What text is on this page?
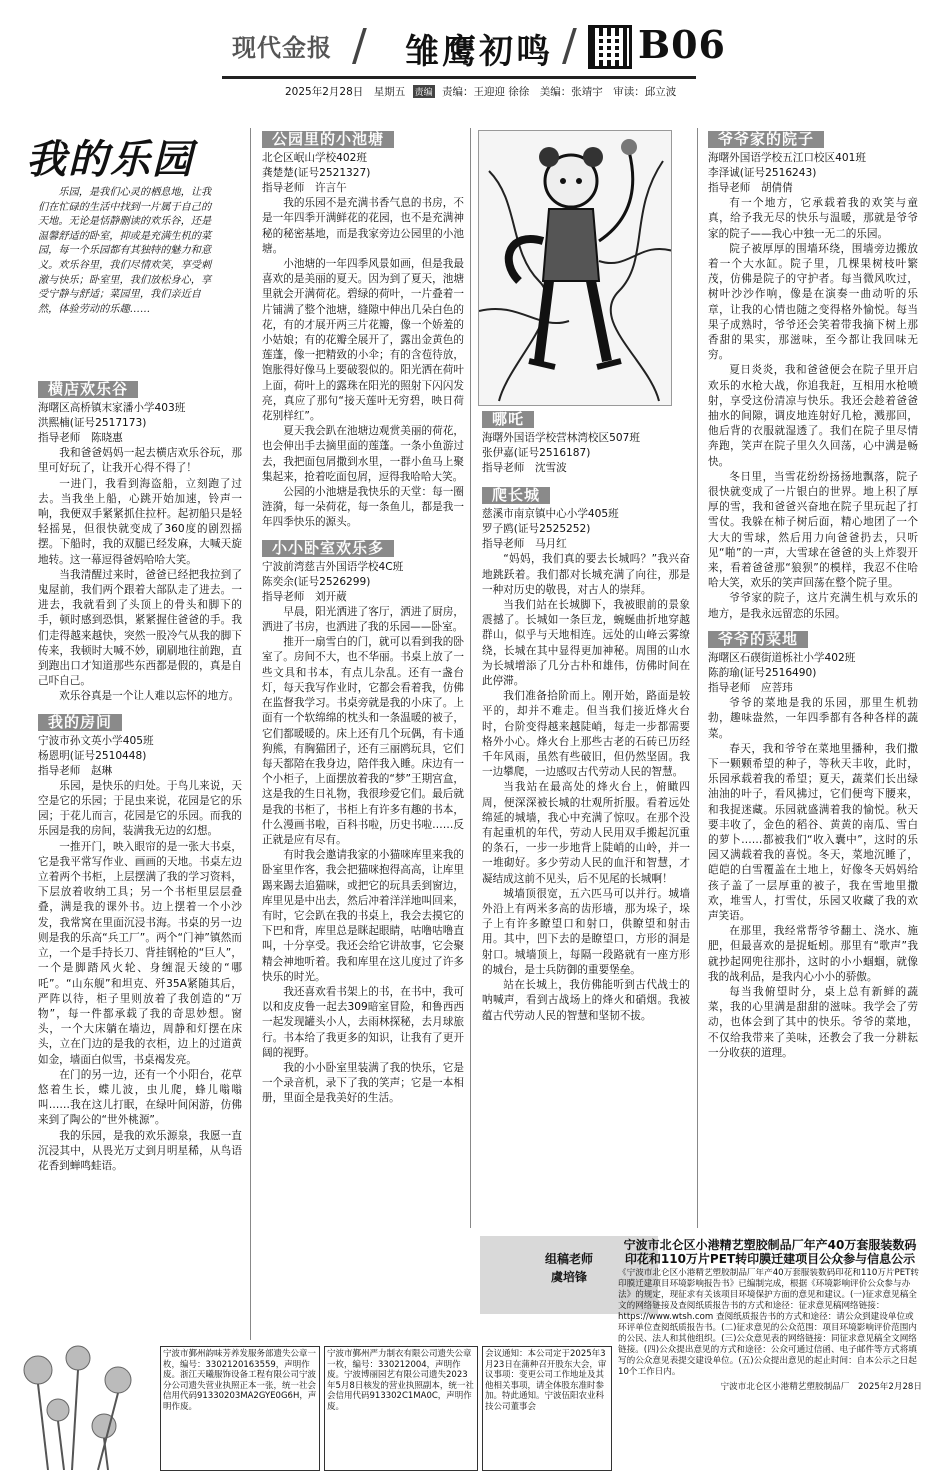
现代金报 / 雏鹰初鸣 / B06
2025年2月28日　星期五 责编 责编：王迎迎 徐徐　美编：张靖宇　审读：邱立波
我的乐园

乐园，是我们心灵的栖息地，让我们在忙碌的生活中找到一片属于自己的天地。无论是恬静删读的欢乐谷，还是温馨舒适的卧室，抑或是充满生机的菜园，每一个乐园都有其独特的魅力和意义。欢乐谷里，我们尽情欢笑，享受刺激与快乐；卧室里，我们放松身心，享受宁静与舒适；菜园里，我们亲近自然，体验劳动的乐趣……

横店欢乐谷
海曙区高桥镇末家潘小学403班
洪熙楠(证号2517173)
指导老师　陈晓惠

我和爸爸妈妈一起去横店欢乐谷玩，那里可好玩了，让我开心得不得了！

一进门，我看到海盗船，立刻跑了过去。当我坐上船，心跳开始加速，铃声一响，我便双手紧紧抓住拉杆。起初船只是轻轻摇晃，但很快就变成了360度的剧烈摇摆。下船时，我的双腿已经发麻，大喊天旋地转。这一幕逗得爸妈哈哈大笑。

当我清醒过来时，爸爸已经把我拉到了鬼屋前，我们两个跟着大部队走了进去。一进去，我就看到了头顶上的骨头和脚下的手，顿时感到恐惧，紧紧握住爸爸的手。我们走得越来越快，突然一股冷气从我的脚下传来，我顿时大喊不妙，刷刷地往前跑，直到跑出口才知道那些东西都是假的，真是自己吓自己。

欢乐谷真是一个让人难以忘怀的地方。

我的房间
宁波市孙文英小学405班
杨恩明(证号2510448)
指导老师　赵琳

乐园，是快乐的归处。于鸟儿来说，天空是它的乐园；于昆虫来说，花园是它的乐园；于花儿而言，花园是它的乐园。而我的乐园是我的房间，装满我无边的幻想。

一推开门，映入眼帘的是一张大书桌，它是我平常写作业、画画的天地。书桌左边立着两个书柜，上层摆满了我的学习资料，下层放着收纳工具；另一个书柜里层层叠叠，满是我的课外书。边上摆着一个小沙发，我常窝在里面沉浸书海。书桌的另一边则是我的乐高“兵工厂”。两个“门神”镇然而立，一个是手持长刀、背挂钢枪的“巨人”，一个是脚踏风火轮、身缠混天绫的“哪吒”。“山东舰”和坦克、歼35A紧随其后，严阵以待，柜子里则放着了我创造的“万物”，每一件都承载了我的奇思妙想。窗头，一个大床躺在墙边，周静和灯摆在床头，立在门边的是我的衣柜，边上的过道黄如金，墙面白似雪，书桌褐发亮。

在门的另一边，还有一个小阳台，花草悠着生长，蝶儿波，虫儿爬，蜂儿嗡嗡叫……我在这儿打眠，在绿叶间闲游，仿佛来到了陶公的“世外桃源”。

我的乐园，是我的欢乐源泉，我愿一直沉浸其中，从畏光万丈到月明星稀，从鸟语花香到蝉鸣蛙语。

公园里的小池塘
北仑区岷山学校402班
龚楚楚(证号2521327)
指导老师　许言午

我的乐园不是充满书香气息的书房，不是一年四季开满鲜花的花园，也不是充满神秘的秘密基地，而是我家旁边公园里的小池塘。

小池塘的一年四季风景如画，但是我最喜欢的是美丽的夏天。因为到了夏天，池塘里就会开满荷花。碧绿的荷叶，一片叠着一片铺满了整个池塘，缝隙中伸出几朵白色的花，有的才展开两三片花瓣，像一个娇羞的小姑娘；有的花瓣全展开了，露出金黄色的莲蓬，像一把精致的小伞；有的含苞待放，饱胀得好像马上要破裂似的。阳光洒在荷叶上面，荷叶上的露珠在阳光的照射下闪闪发亮，真应了那句“接天莲叶无穷碧，映日荷花别样红”。

夏天我会趴在池塘边观赏美丽的荷花，也会伸出手去摘里面的莲蓬。一条小鱼游过去，我把面包屑撒到水里，一群小鱼马上聚集起来，抢着吃面包屑，逗得我哈哈大笑。

公园的小池塘是我快乐的天堂：每一圈涟漪，每一朵荷花，每一条鱼儿，都是我一年四季快乐的源头。

小小卧室欢乐多
宁波前湾慈吉外国语学校4C班
陈奕余(证号2526299)
指导老师　刘开葳

早晨，阳光洒进了客厅，洒进了厨房，洒进了书房，也洒进了我的乐园——卧室。

推开一扇雪白的门，就可以看到我的卧室了。房间不大，也不华丽。书桌上放了一些文具和书本，有点儿杂乱。还有一盏台灯，每天我写作业时，它都会看着我，仿佛在监督我学习。书桌旁就是我的小床了。上面有一个软绵绵的枕头和一条温暖的被子，它们都暖暖的。床上还有几个玩偶，有卡通狗熊，有胸猫团子，还有三丽鸥玩具，它们每天都陪在我身边，陪伴我入睡。床边有一个小柜子，上面摆放着我的“梦”王期宫盒，这是我的生日礼物，我很珍爱它们。最后就是我的书柜了，书柜上有许多有趣的书本，什么漫画书啦，百科书啦，历史书啦……反正就是应有尽有。

有时我会邀请我家的小猫咪库里来我的卧室里作客，我会把猫咪抱得高高，让库里踢来踢去追猫咪，或把它的玩具丢到窗边，库里见是中出去，然后冲着洋洋地叫回来，有时，它会趴在我的书桌上，我会去摸它的下巴和背，库里总是眯起眼睛，咕噜咕噜直叫，十分享受。我还会给它讲故事，它会聚精会神地听着。我和库里在这儿度过了许多快乐的时光。

我还喜欢看书架上的书，在书中，我可以和皮皮鲁一起去309暗室冒险，和鲁西西一起发现罐头小人，去雨林探秘，去月球旅行。书本给了我更多的知识，让我有了更开阔的视野。

我的小小卧室里装满了我的快乐，它是一个录音机，录下了我的笑声；它是一本相册，里面全是我美好的生活。

哪吒
海曙外国语学校营林湾校区507班
张伊嘉(证号2516187)
指导老师　沈雪波
爬长城
慈溪市南京镇中心小学405班
罗子鸥(证号2525252)
指导老师　马月红

“妈妈，我们真的要去长城吗？”我兴奋地跳跃着。我们都对长城充满了向往，那是一种对历史的敬畏，对古人的崇拜。

当我们站在长城脚下，我被眼前的景象震撼了。长城如一条巨龙，蜿蜒曲折地穿越群山，似乎与天地相连。远处的山峰云雾缭绕，长城在其中显得更加神秘。周围的山水为长城增添了几分古朴和雄伟，仿佛时间在此停滞。

我们准备拾阶而上。刚开始，路面是较平的，却并不难走。但当我们接近烽火台时，台阶变得越来越陡峭，每走一步都需要格外小心。烽火台上那些古老的石砖已历经千年风雨，虽然有些破旧，但仍然坚固。我一边攀爬，一边感叹古代劳动人民的智慧。

当我站在最高处的烽火台上，俯瞰四周，便深深被长城的壮观所折服。看着远处绵延的城墙，我心中充满了惊叹。在那个没有起重机的年代，劳动人民用双手搬起沉重的条石，一步一步地背上陡峭的山岭，并一一堆砌好。多少劳动人民的血汗和智慧，才凝结成这前不见头，后不见尾的长城啊！

城墙顶很宽，五六匹马可以并行。城墙外沿上有两米多高的齿形墙，那为垛子，垛子上有许多瞭望口和射口，供瞭望和射击用。其中，凹下去的是瞭望口，方形的洞是射口。城墙顶上，每隔一段路就有一座方形的城台，是士兵防御的重要堡垒。

站在长城上，我仿佛能听到古代战士的呐喊声，看到古战场上的烽火和硝烟。我被蕴古代劳动人民的智慧和坚韧不拔。

爷爷家的院子
海曙外国语学校五江口校区401班
李泽诚(证号2516243)
指导老师　胡倩倩

有一个地方，它承载着我的欢笑与童真，给予我无尽的快乐与温暖，那就是爷爷家的院子——我心中独一无二的乐园。

院子被厚厚的围墙环绕，围墙旁边搬放着一个大水缸。院子里，几棵果树枝叶繁茂，仿佛是院子的守护者。每当微风吹过，树叶沙沙作响，像是在演奏一曲动听的乐章，让我的心情也随之变得格外愉悦。每当果子成熟时，爷爷还会笑着带我摘下树上那香甜的果实，那滋味，至今都让我回味无穷。

夏日炎炎，我和爸爸便会在院子里开启欢乐的水枪大战，你追我赶，互相用水枪喷射，享受这份清凉与快乐。我还会趁着爸爸抽水的间隙，调皮地连射好几枪，溅那回，他后背的衣服就湿透了。我们在院子里尽情奔跑，笑声在院子里久久回荡，心中满是畅快。

冬日里，当雪花纷纷扬扬地飘落，院子很快就变成了一片银白的世界。地上积了厚厚的雪，我和爸爸兴奋地在院子里玩起了打雪仗。我躲在柿子树后面，精心地团了一个大大的雪球，然后用力向爸爸扔去，只听见“啪”的一声，大雪球在爸爸的头上炸裂开来，看着爸爸那“狼狈”的模样，我忍不住哈哈大笑，欢乐的笑声回荡在整个院子里。

爷爷家的院子，这片充满生机与欢乐的地方，是我永远留恋的乐园。

爷爷的菜地
海曙区石碶街道栎社小学402班
陈韵瑜(证号2516490)
指导老师　应菩玮

爷爷的菜地是我的乐园，那里生机勃勃，趣味盎然，一年四季都有各种各样的蔬菜。

春天，我和爷爷在菜地里播种，我们撒下一颗颗希望的种子，等秋天丰收，此时，乐园承载着我的希望；夏天，蔬菜们长出绿油油的叶子，看风拂过，它们便弯下腰来，和我捉迷藏。乐园就盛满着我的愉悦。秋天要丰收了，金色的稻谷、黄黄的南瓜、雪白的萝卜……都被我们“收入囊中”，这时的乐园又满载着我的喜悦。冬天，菜地沉睡了，皑皑的白雪覆盖在土地上，好像冬天妈妈给孩子盖了一层厚重的被子，我在雪地里撒欢，堆雪人，打雪仗，乐园又收藏了我的欢声笑语。

在那里，我经常帮爷爷翻土、浇水、施肥，但最喜欢的是捉蚯蚓。那里有“歌声”我就抄起网兜往那扑，这时的小小蝈蝈，就像我的战利品，是我内心小小的骄傲。

每当我俯望时分，桌上总有新鲜的蔬菜，我的心里满是甜甜的滋味。我学会了劳动，也体会到了其中的快乐。爷爷的菜地，不仅给我带来了美味，还教会了我一分耕耘一分收获的道理。

组稿老师
虞培锋
宁波市北仑区小港精艺塑胶制品厂年产40万套服装数码印花和110万片PET转印膜迁建项目公众参与信息公示
《宁波市北仑区小港精艺塑胶制品厂年产40万套服装数码印花和110万片PET转印膜迁建项目环境影响报告书》已编制完成，根据《环境影响评价公众参与办法》的规定，现征求有关该项目环境保护方面的意见和建议。(一)征求意见稿全文的网络链接及查阅纸质报告书的方式和途径：征求意见稿网络链接：https://www.wtsh.com 查阅纸质报告书的方式和途径：请公众到建设单位或环评单位查阅纸质报告书。(二)征求意见的公众范围：项目环境影响评价范围内的公民、法人和其他组织。(三)公众意见表的网络链接：同征求意见稿全文网络链接。(四)公众提出意见的方式和途径：公众可通过信函、电子邮件等方式将填写的公众意见表提交建设单位。(五)公众提出意见的起止时间：自本公示之日起10个工作日内。
宁波市北仑区小港精艺塑胶制品厂　2025年2月28日
宁波市鄞州韵味芳养发服务部遗失公章一枚，编号：3302120163559，声明作废。浙江天曦服饰设备工程有限公司宁波分公司遗失营业执照正本一张，统一社会信用代码91330203MA2GYE0G6H，声明作废。
宁波市鄞州严力制衣有限公司遗失公章一枚，编号：330212004，声明作废。宁波博丽园艺有限公司遗失2023年5月8日核发的营业执照副本，统一社会信用代码913302C1MA0C，声明作废。
会议通知：本公司定于2025年3月23日在蒲种召开股东大会，审议事项：变更公司工作地址及其他相关事项，请全体股东准时参加。特此通知。宁波伍阳农业科技公司董事会
